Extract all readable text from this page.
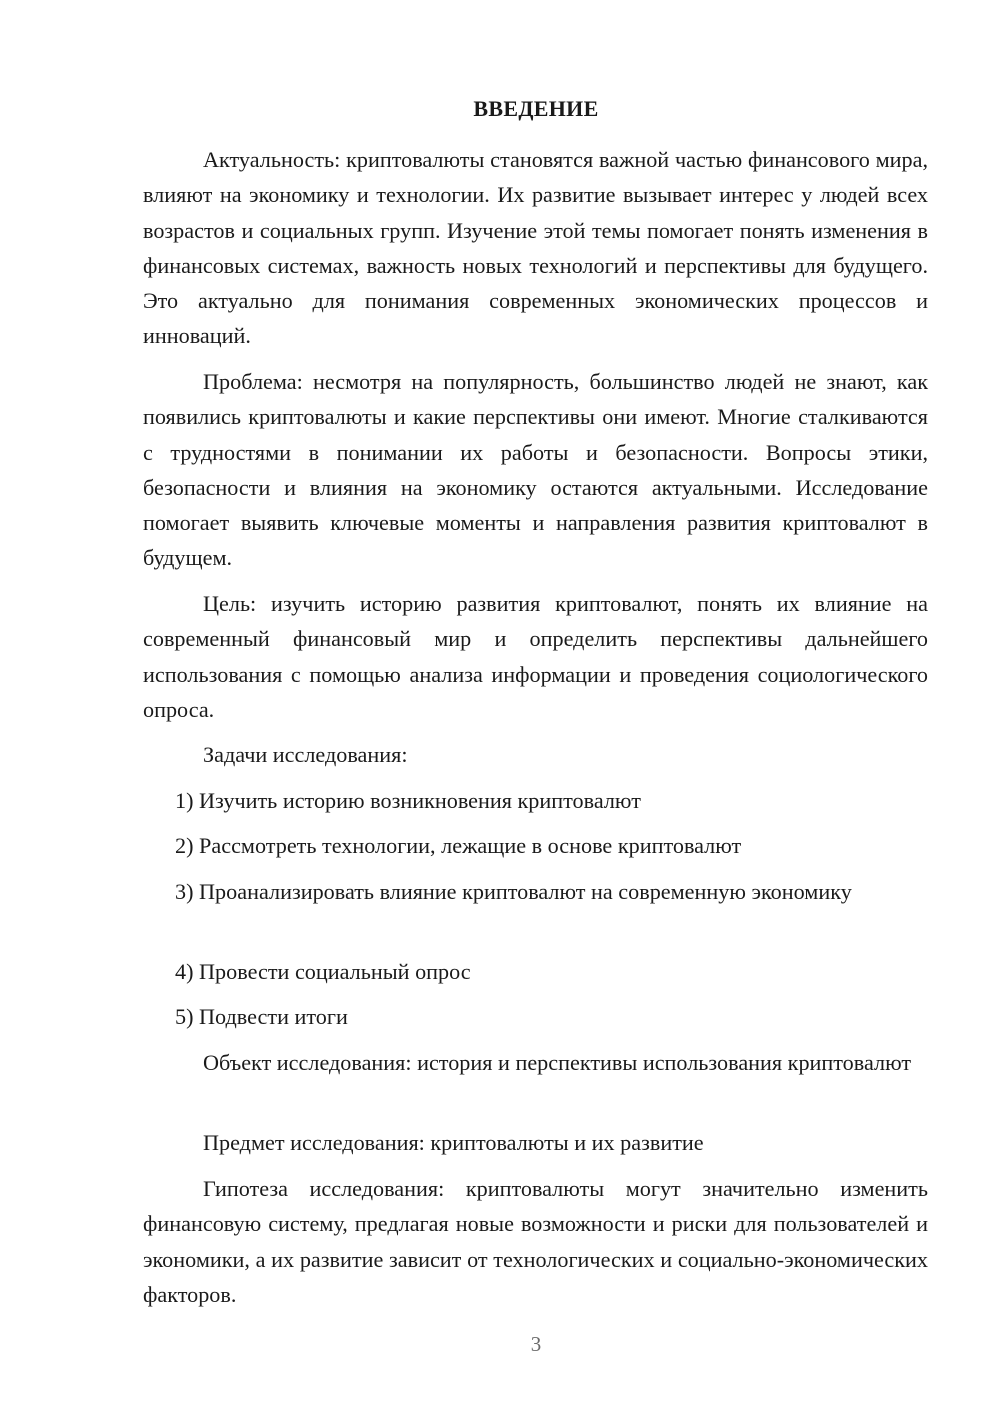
ВВЕДЕНИЕ

Актуальность: криптовалюты становятся важной частью финансового мира, влияют на экономику и технологии. Их развитие вызывает интерес у людей всех возрастов и социальных групп. Изучение этой темы помогает понять изменения в финансовых системах, важность новых технологий и перспективы для будущего. Это актуально для понимания современных экономических процессов и инноваций.

Проблема: несмотря на популярность, большинство людей не знают, как появились криптовалюты и какие перспективы они имеют. Многие сталкиваются с трудностями в понимании их работы и безопасности. Вопросы этики, безопасности и влияния на экономику остаются актуальными. Исследование помогает выявить ключевые моменты и направления развития криптовалют в будущем.

Цель: изучить историю развития криптовалют, понять их влияние на современный финансовый мир и определить перспективы дальнейшего использования с помощью анализа информации и проведения социологического опроса.

Задачи исследования:

1) Изучить историю возникновения криптовалют

2) Рассмотреть технологии, лежащие в основе криптовалют

3) Проанализировать влияние криптовалют на современную экономику

4) Провести социальный опрос

5) Подвести итоги

Объект исследования: история и перспективы использования криптовалют

Предмет исследования: криптовалюты и их развитие

Гипотеза исследования: криптовалюты могут значительно изменить финансовую систему, предлагая новые возможности и риски для пользователей и экономики, а их развитие зависит от технологических и социально-экономических факторов.

3
